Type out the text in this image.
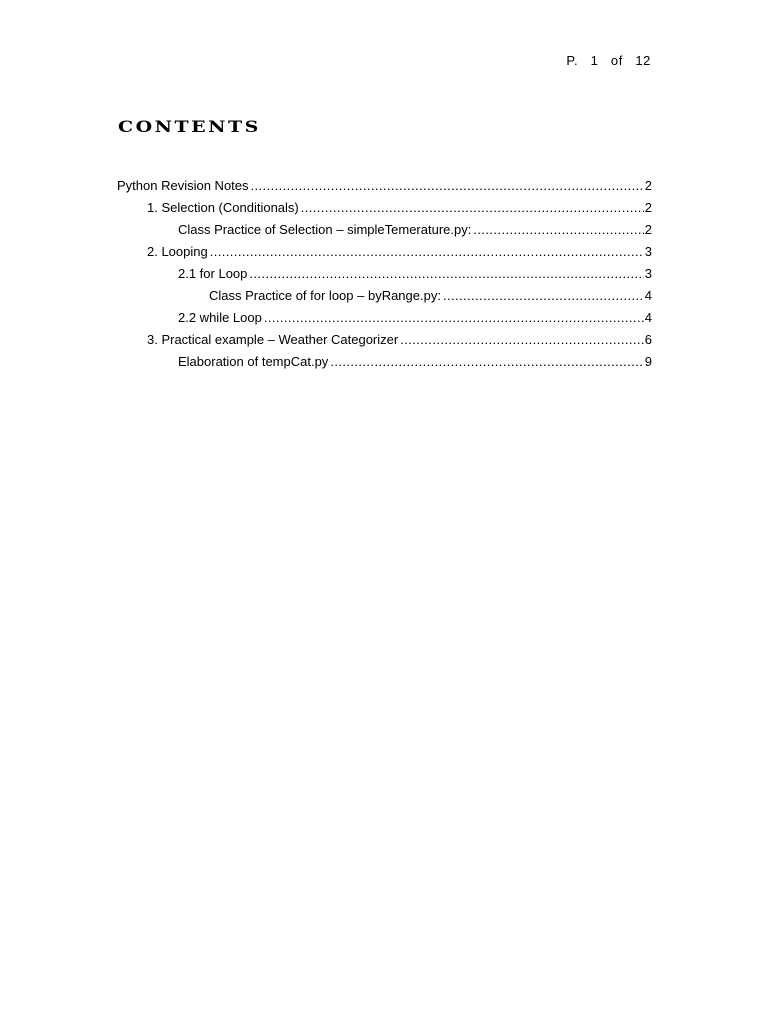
P.  1  of  12
contents
Python Revision Notes .....	2
1. Selection (Conditionals) .....	2
Class Practice of Selection – simpleTemerature.py: .....	2
2. Looping .....	3
2.1 for Loop .....	3
Class Practice of for loop – byRange.py: .....	4
2.2 while Loop .....	4
3. Practical example – Weather Categorizer .....	6
Elaboration of tempCat.py .....	9
